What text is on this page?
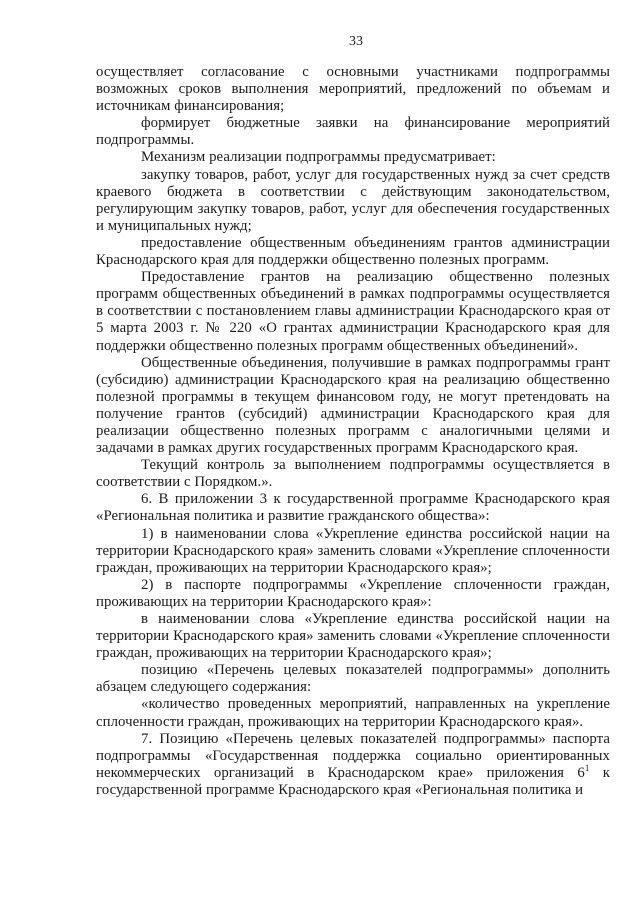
33

осуществляет согласование с основными участниками подпрограммы возможных сроков выполнения мероприятий, предложений по объемам и источникам финансирования;

формирует бюджетные заявки на финансирование мероприятий подпрограммы.

Механизм реализации подпрограммы предусматривает:

закупку товаров, работ, услуг для государственных нужд за счет средств краевого бюджета в соответствии с действующим законодательством, регулирующим закупку товаров, работ, услуг для обеспечения государственных и муниципальных нужд;

предоставление общественным объединениям грантов администрации Краснодарского края для поддержки общественно полезных программ.

Предоставление грантов на реализацию общественно полезных программ общественных объединений в рамках подпрограммы осуществляется в соответствии с постановлением главы администрации Краснодарского края от 5 марта 2003 г. № 220 «О грантах администрации Краснодарского края для поддержки общественно полезных программ общественных объединений».

Общественные объединения, получившие в рамках подпрограммы грант (субсидию) администрации Краснодарского края на реализацию общественно полезной программы в текущем финансовом году, не могут претендовать на получение грантов (субсидий) администрации Краснодарского края для реализации общественно полезных программ с аналогичными целями и задачами в рамках других государственных программ Краснодарского края.

Текущий контроль за выполнением подпрограммы осуществляется в соответствии с Порядком.».

6. В приложении 3 к государственной программе Краснодарского края «Региональная политика и развитие гражданского общества»:

1) в наименовании слова «Укрепление единства российской нации на территории Краснодарского края» заменить словами «Укрепление сплоченности граждан, проживающих на территории Краснодарского края»;

2) в паспорте подпрограммы «Укрепление сплоченности граждан, проживающих на территории Краснодарского края»:

в наименовании слова «Укрепление единства российской нации на территории Краснодарского края» заменить словами «Укрепление сплоченности граждан, проживающих на территории Краснодарского края»;

позицию «Перечень целевых показателей подпрограммы» дополнить абзацем следующего содержания:

«количество проведенных мероприятий, направленных на укрепление сплоченности граждан, проживающих на территории Краснодарского края».

7. Позицию «Перечень целевых показателей подпрограммы» паспорта подпрограммы «Государственная поддержка социально ориентированных некоммерческих организаций в Краснодарском крае» приложения $6^1$ к государственной программе Краснодарского края «Региональная политика и
